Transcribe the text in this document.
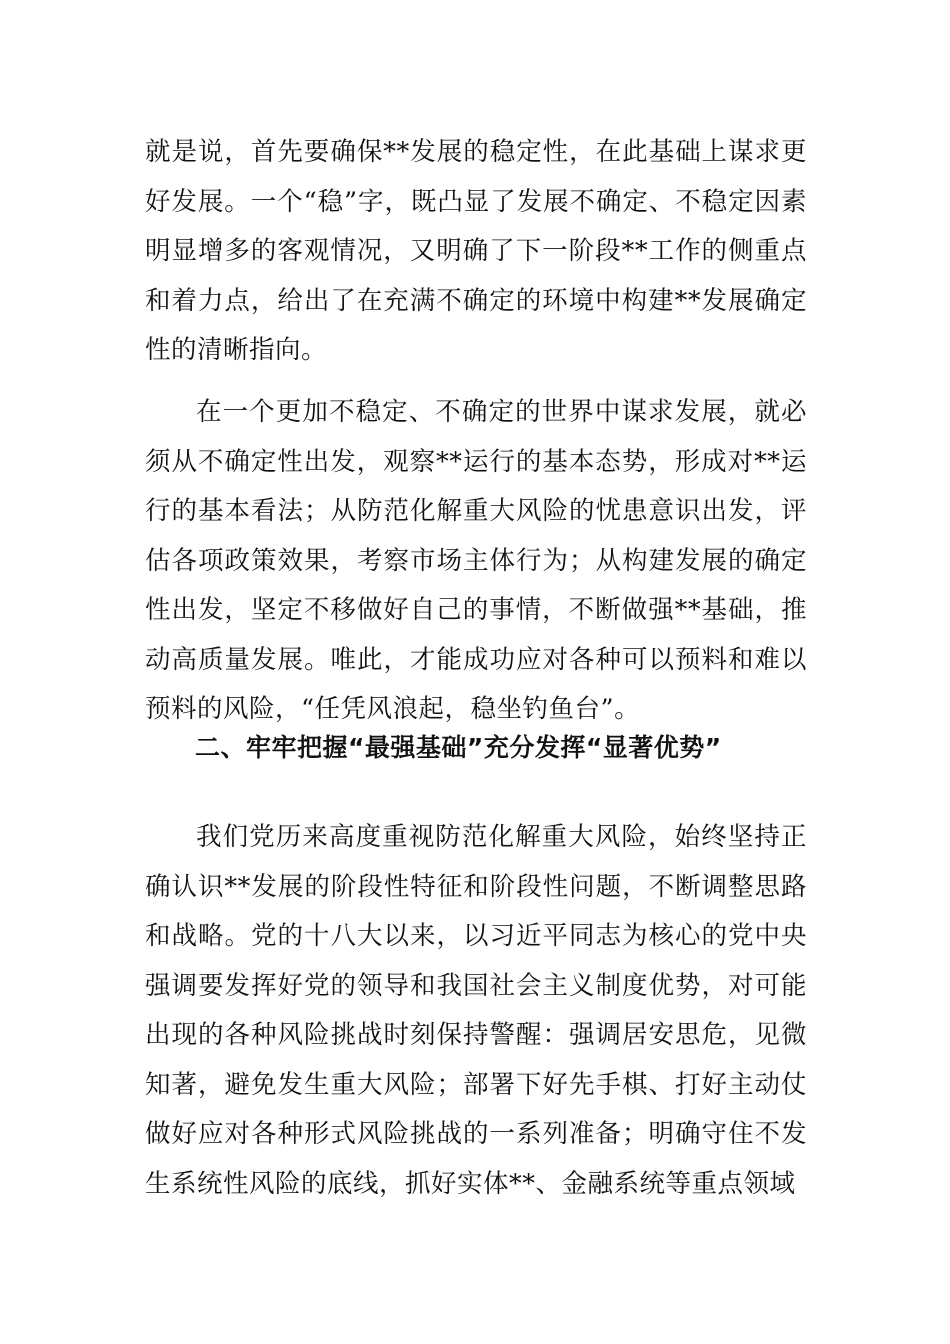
就是说，首先要确保**发展的稳定性，在此基础上谋求更好发展。一个“稳”字，既凸显了发展不确定、不稳定因素明显增多的客观情况，又明确了下一阶段**工作的侧重点和着力点，给出了在充满不确定的环境中构建**发展确定性的清晰指向。

在一个更加不稳定、不确定的世界中谋求发展，就必须从不确定性出发，观察**运行的基本态势，形成对**运行的基本看法；从防范化解重大风险的忧患意识出发，评估各项政策效果，考察市场主体行为；从构建发展的确定性出发，坚定不移做好自己的事情，不断做强**基础，推动高质量发展。唯此，才能成功应对各种可以预料和难以预料的风险，“任凭风浪起，稳坐钓鱼台”。

二、牢牢把握“最强基础”充分发挥“显著优势”

我们党历来高度重视防范化解重大风险，始终坚持正确认识**发展的阶段性特征和阶段性问题，不断调整思路和战略。党的十八大以来，以习近平同志为核心的党中央强调要发挥好党的领导和我国社会主义制度优势，对可能出现的各种风险挑战时刻保持警醒：强调居安思危，见微知著，避免发生重大风险；部署下好先手棋、打好主动仗做好应对各种形式风险挑战的一系列准备；明确守住不发生系统性风险的底线，抓好实体**、金融系统等重点领域
